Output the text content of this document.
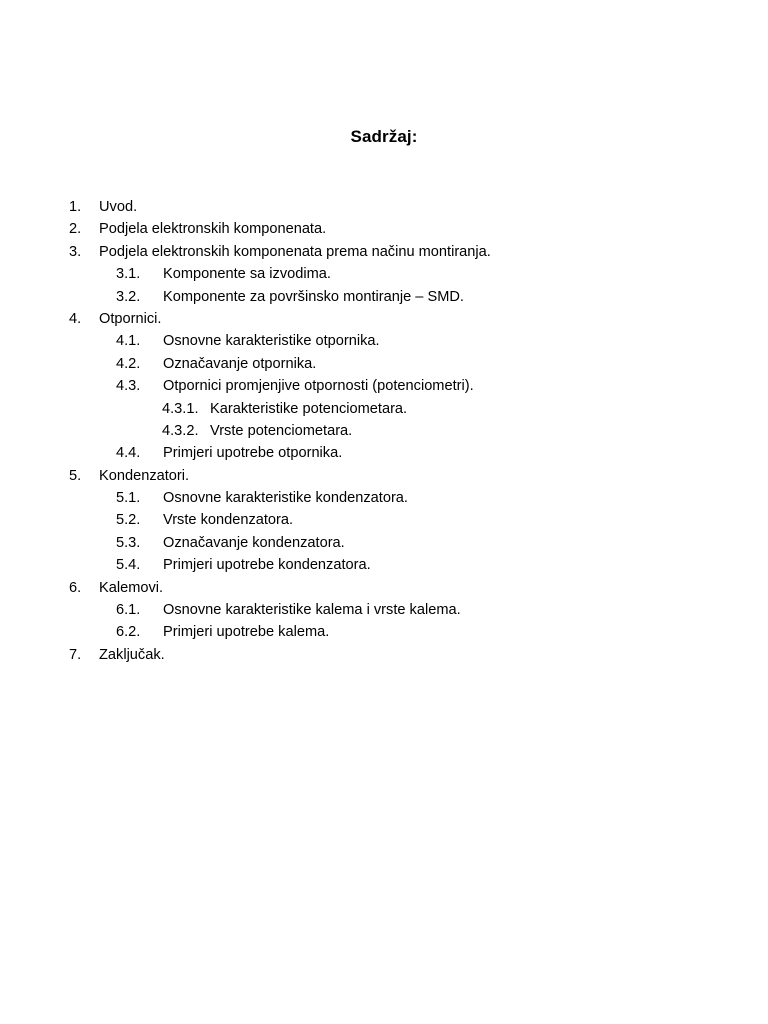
Sadržaj:
1. Uvod.
2. Podjela elektronskih komponenata.
3. Podjela elektronskih komponenata prema načinu montiranja.
3.1. Komponente sa izvodima.
3.2. Komponente za površinsko montiranje – SMD.
4. Otpornici.
4.1. Osnovne karakteristike otpornika.
4.2. Označavanje otpornika.
4.3. Otpornici promjenjive otpornosti (potenciometri).
4.3.1. Karakteristike potenciometara.
4.3.2. Vrste potenciometara.
4.4. Primjeri upotrebe otpornika.
5. Kondenzatori.
5.1. Osnovne karakteristike kondenzatora.
5.2. Vrste kondenzatora.
5.3. Označavanje kondenzatora.
5.4. Primjeri upotrebe kondenzatora.
6. Kalemovi.
6.1. Osnovne karakteristike kalema i vrste kalema.
6.2. Primjeri upotrebe kalema.
7. Zaključak.
